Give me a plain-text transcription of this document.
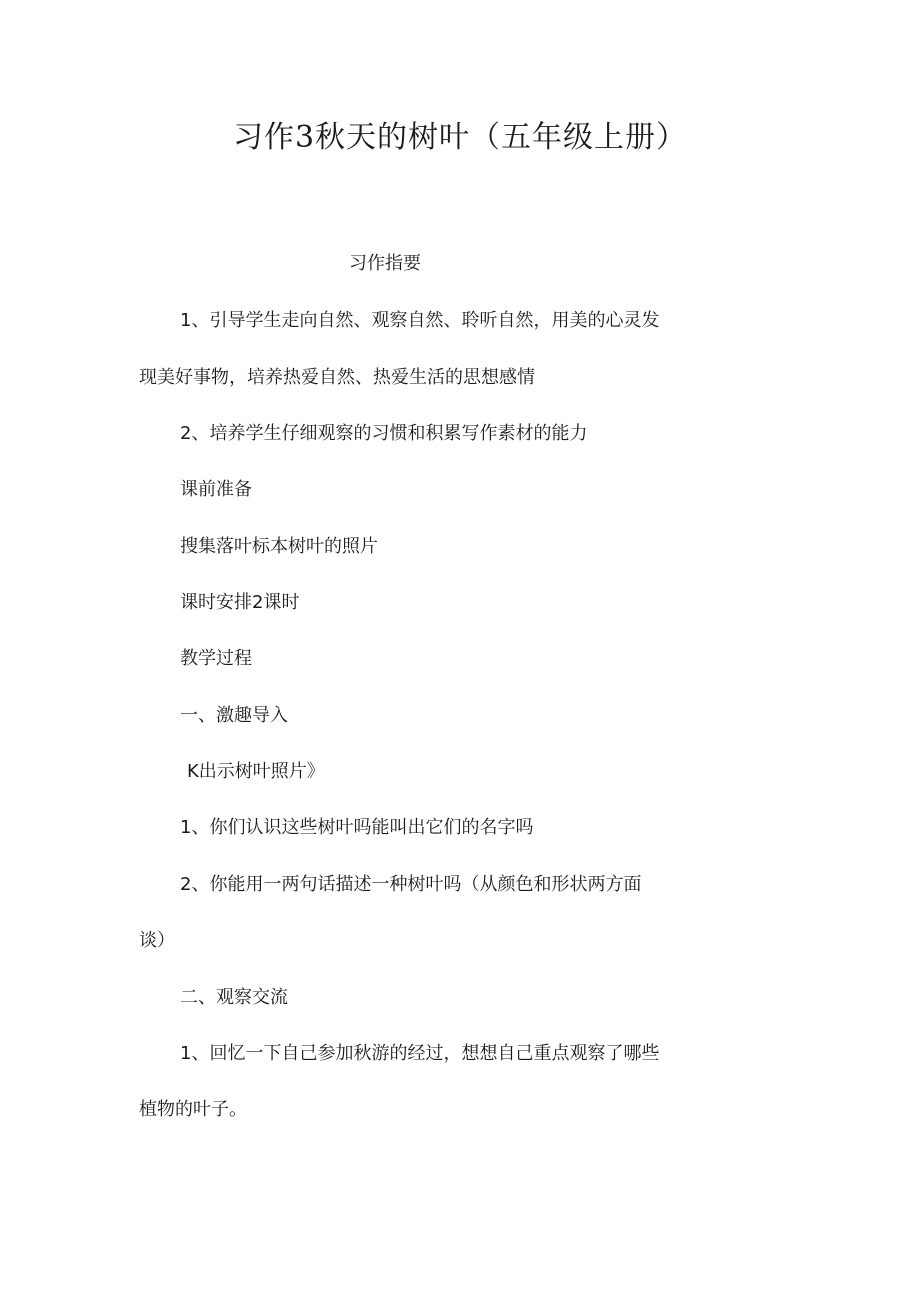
习作3秋天的树叶（五年级上册）
习作指要

1、引导学生走向自然、观察自然、聆听自然，用美的心灵发

现美好事物，培养热爱自然、热爱生活的思想感情

2、培养学生仔细观察的习惯和积累写作素材的能力

课前准备

搜集落叶标本树叶的照片

课时安排2课时

教学过程

一、激趣导入

K出示树叶照片》

1、你们认识这些树叶吗能叫出它们的名字吗

2、你能用一两句话描述一种树叶吗（从颜色和形状两方面

谈）

二、观察交流

1、回忆一下自己参加秋游的经过，想想自己重点观察了哪些

植物的叶子。
